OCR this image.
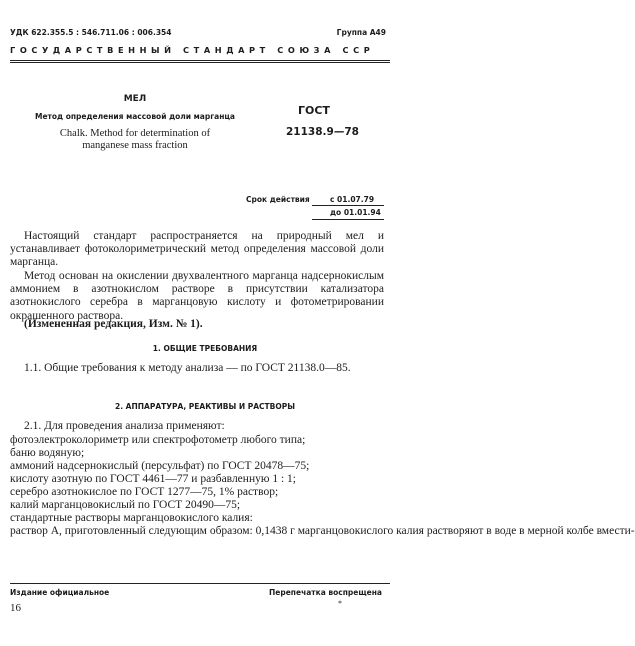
УДК 622.355.5 : 546.711.06 : 006.354	Группа А49
ГОСУДАРСТВЕННЫЙ СТАНДАРТ СОЮЗА ССР
МЕЛ
Метод определения массовой доли марганца
Chalk. Method for determination of
manganese mass fraction
ГОСТ
21138.9—78
Срок действия	с 01.07.79
до 01.01.94
Настоящий стандарт распространяется на природный мел и устанавливает фотоколориметрический метод определения массовой доли марганца.
Метод основан на окислении двухвалентного марганца надсернокислым аммонием в азотнокислом растворе в присутствии катализатора азотнокислого серебра в марганцовую кислоту и фотометрировании окрашенного раствора.
(Измененная редакция, Изм. № 1).
1. ОБЩИЕ ТРЕБОВАНИЯ
1.1. Общие требования к методу анализа — по ГОСТ 21138.0—85.
2. АППАРАТУРА, РЕАКТИВЫ И РАСТВОРЫ
2.1. Для проведения анализа применяют:
фотоэлектроколориметр или спектрофотометр любого типа;
баню водяную;
аммоний надсернокислый (персульфат) по ГОСТ 20478—75;
кислоту азотную по ГОСТ 4461—77 и разбавленную 1 : 1;
серебро азотнокислое по ГОСТ 1277—75, 1% раствор;
калий марганцовокислый по ГОСТ 20490—75;
стандартные растворы марганцовокислого калия:
раствор А, приготовленный следующим образом: 0,1438 г марганцовокислого калия растворяют в воде в мерной колбе вмести-
Издание официальное	Перепечатка воспрещена
*
16
